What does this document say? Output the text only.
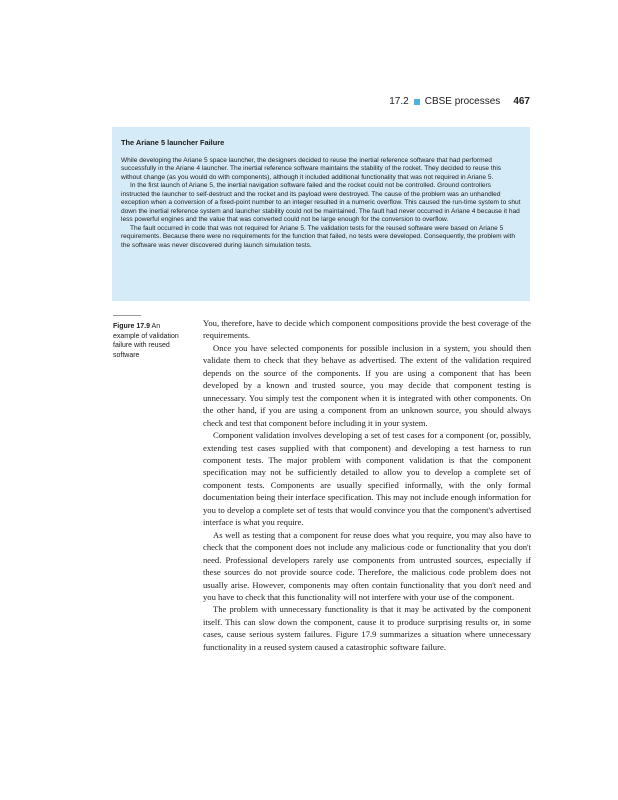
17.2 CBSE processes 467
The Ariane 5 launcher Failure

While developing the Ariane 5 space launcher, the designers decided to reuse the inertial reference software that had performed successfully in the Ariane 4 launcher. The inertial reference software maintains the stability of the rocket. They decided to reuse this without change (as you would do with components), although it included additional functionality that was not required in Ariane 5.

In the first launch of Ariane 5, the inertial navigation software failed and the rocket could not be controlled. Ground controllers instructed the launcher to self-destruct and the rocket and its payload were destroyed. The cause of the problem was an unhandled exception when a conversion of a fixed-point number to an integer resulted in a numeric overflow. This caused the run-time system to shut down the inertial reference system and launcher stability could not be maintained. The fault had never occurred in Ariane 4 because it had less powerful engines and the value that was converted could not be large enough for the conversion to overflow.

The fault occurred in code that was not required for Ariane 5. The validation tests for the reused software were based on Ariane 5 requirements. Because there were no requirements for the function that failed, no tests were developed. Consequently, the problem with the software was never discovered during launch simulation tests.

Figure 17.9 An example of validation failure with reused software

You, therefore, have to decide which component compositions provide the best coverage of the requirements.

Once you have selected components for possible inclusion in a system, you should then validate them to check that they behave as advertised. The extent of the validation required depends on the source of the components. If you are using a component that has been developed by a known and trusted source, you may decide that component testing is unnecessary. You simply test the component when it is integrated with other components. On the other hand, if you are using a component from an unknown source, you should always check and test that component before including it in your system.

Component validation involves developing a set of test cases for a component (or, possibly, extending test cases supplied with that component) and developing a test harness to run component tests. The major problem with component validation is that the component specification may not be sufficiently detailed to allow you to develop a complete set of component tests. Components are usually specified informally, with the only formal documentation being their interface specification. This may not include enough information for you to develop a complete set of tests that would convince you that the component's advertised interface is what you require.

As well as testing that a component for reuse does what you require, you may also have to check that the component does not include any malicious code or functionality that you don't need. Professional developers rarely use components from untrusted sources, especially if these sources do not provide source code. Therefore, the malicious code problem does not usually arise. However, components may often contain functionality that you don't need and you have to check that this functionality will not interfere with your use of the component.

The problem with unnecessary functionality is that it may be activated by the component itself. This can slow down the component, cause it to produce surprising results or, in some cases, cause serious system failures. Figure 17.9 summarizes a situation where unnecessary functionality in a reused system caused a catastrophic software failure.
